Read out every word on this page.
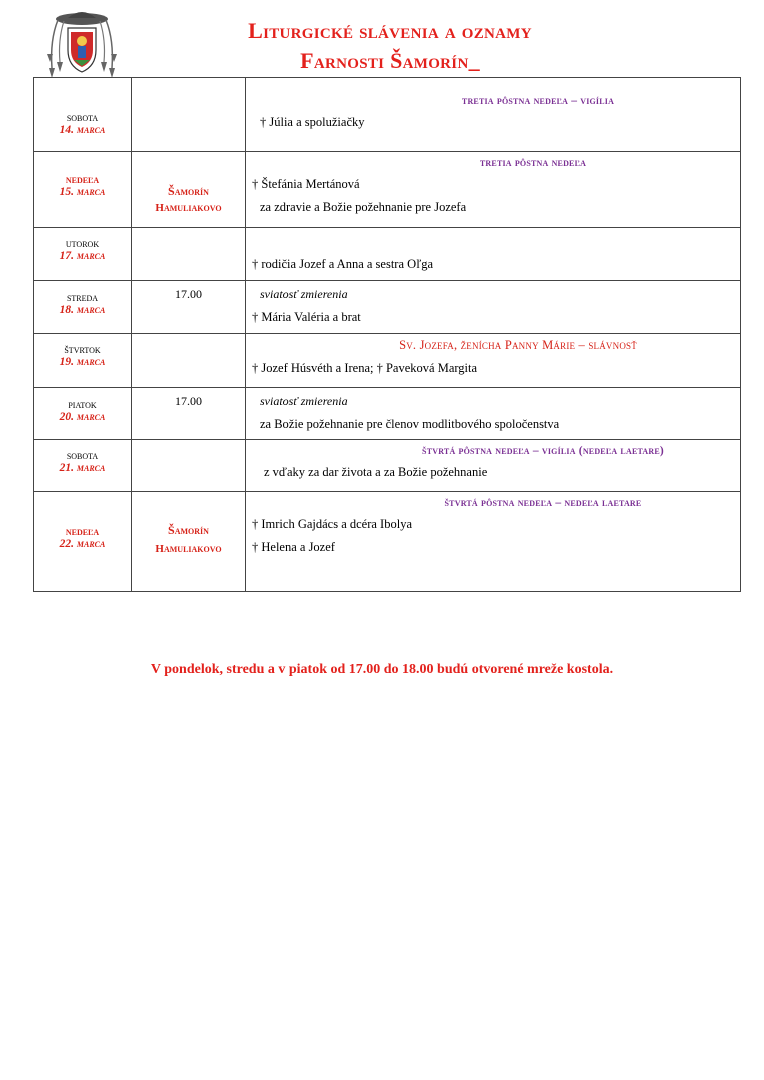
Liturgické slávenia a oznamy
Farnosti Šamorín_
sobota
14. marca		tretia pôstna nedeľa – vigília
† Júlia a spolužiačky

nedeľa
15. marca	Šamorín
Hamuliakovo	tretia pôstna nedeľa
† Štefánia Mertánová
za zdravie a Božie požehnanie pre Jozefa

utorok
17. marca		† rodičia Jozef a Anna a sestra Oľga

streda
18. marca	17.00	sviatosť zmierenia
† Mária Valéria a brat

štvrtok
19. marca		Sv. Jozefa, ženícha Panny Márie – slávnosť
† Jozef Húsvéth a Irena; † Paveková Margita

piatok
20. marca	17.00	sviatosť zmierenia
za Božie požehnanie pre členov modlitbového spoločenstva

sobota
21. marca		štvrtá pôstna nedeľa – vigília (nedeľa laetare)
z vďaky za dar života a za Božie požehnanie

nedeľa
22. marca	Šamorín
Hamuliakovo	štvrtá pôstna nedeľa – nedeľa laetare
† Imrich Gajdács a dcéra Ibolya
† Helena a Jozef
V pondelok, stredu a v piatok od 17.00 do 18.00 budú otvorené mreže kostola.
